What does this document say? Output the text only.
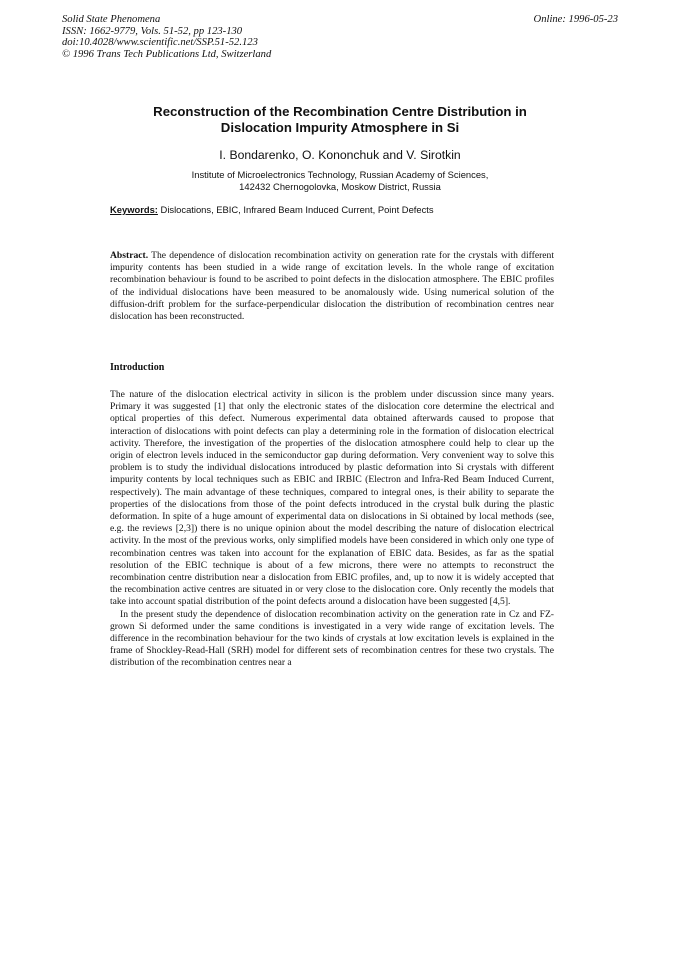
Solid State Phenomena
ISSN: 1662-9779, Vols. 51-52, pp 123-130
doi:10.4028/www.scientific.net/SSP.51-52.123
© 1996 Trans Tech Publications Ltd, Switzerland
Online: 1996-05-23
Reconstruction of the Recombination Centre Distribution in
Dislocation Impurity Atmosphere in Si
I. Bondarenko, O. Kononchuk and V. Sirotkin
Institute of Microelectronics Technology, Russian Academy of Sciences,
142432 Chernogolovka, Moskow District, Russia
Keywords: Dislocations, EBIC, Infrared Beam Induced Current, Point Defects
Abstract. The dependence of dislocation recombination activity on generation rate for the crystals with different impurity contents has been studied in a wide range of excitation levels. In the whole range of excitation recombination behaviour is found to be ascribed to point defects in the dislocation atmosphere. The EBIC profiles of the individual dislocations have been measured to be anomalously wide. Using numerical solution of the diffusion-drift problem for the surface-perpendicular dislocation the distribution of recombination centres near dislocation has been reconstructed.
Introduction

The nature of the dislocation electrical activity in silicon is the problem under discussion since many years. Primary it was suggested [1] that only the electronic states of the dislocation core determine the electrical and optical properties of this defect. Numerous experimental data obtained afterwards caused to propose that interaction of dislocations with point defects can play a determining role in the formation of dislocation electrical activity. Therefore, the investigation of the properties of the dislocation atmosphere could help to clear up the origin of electron levels induced in the semiconductor gap during deformation. Very convenient way to solve this problem is to study the individual dislocations introduced by plastic deformation into Si crystals with different impurity contents by local techniques such as EBIC and IRBIC (Electron and Infra-Red Beam Induced Current, respectively). The main advantage of these techniques, compared to integral ones, is their ability to separate the properties of the dislocations from those of the point defects introduced in the crystal bulk during the plastic deformation. In spite of a huge amount of experimental data on dislocations in Si obtained by local methods (see, e.g. the reviews [2,3]) there is no unique opinion about the model describing the nature of dislocation electrical activity. In the most of the previous works, only simplified models have been considered in which only one type of recombination centres was taken into account for the explanation of EBIC data. Besides, as far as the spatial resolution of the EBIC technique is about of a few microns, there were no attempts to reconstruct the recombination centre distribution near a dislocation from EBIC profiles, and, up to now it is widely accepted that the recombination active centres are situated in or very close to the dislocation core. Only recently the models that take into account spatial distribution of the point defects around a dislocation have been suggested [4,5].

In the present study the dependence of dislocation recombination activity on the generation rate in Cz and FZ-grown Si deformed under the same conditions is investigated in a very wide range of excitation levels. The difference in the recombination behaviour for the two kinds of crystals at low excitation levels is explained in the frame of Shockley-Read-Hall (SRH) model for different sets of recombination centres for these two crystals. The distribution of the recombination centres near a
